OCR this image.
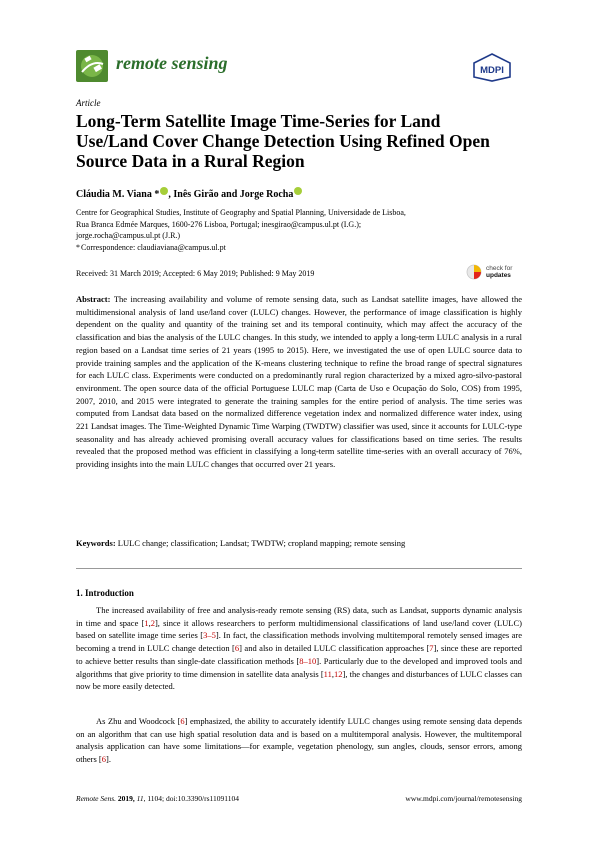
remote sensing	MDPI
Article
Long-Term Satellite Image Time-Series for Land Use/Land Cover Change Detection Using Refined Open Source Data in a Rural Region
Cláudia M. Viana * , Inês Girão and Jorge Rocha
Centre for Geographical Studies, Institute of Geography and Spatial Planning, Universidade de Lisboa,
Rua Branca Edmée Marques, 1600-276 Lisboa, Portugal; inesgirao@campus.ul.pt (I.G.);
jorge.rocha@campus.ul.pt (J.R.)
*Correspondence: claudiaviana@campus.ul.pt
Received: 31 March 2019; Accepted: 6 May 2019; Published: 9 May 2019
check for
updates

Abstract: The increasing availability and volume of remote sensing data, such as Landsat satellite images, have allowed the multidimensional analysis of land use/land cover (LULC) changes. However, the performance of image classification is highly dependent on the quality and quantity of the training set and its temporal continuity, which may affect the accuracy of the classification and bias the analysis of the LULC changes. In this study, we intended to apply a long-term LULC analysis in a rural region based on a Landsat time series of 21 years (1995 to 2015). Here, we investigated the use of open LULC source data to provide training samples and the application of the K-means clustering technique to refine the broad range of spectral signatures for each LULC class. Experiments were conducted on a predominantly rural region characterized by a mixed agro-silvo-pastoral environment. The open source data of the official Portuguese LULC map (Carta de Uso e Ocupação do Solo, COS) from 1995, 2007, 2010, and 2015 were integrated to generate the training samples for the entire period of analysis. The time series was computed from Landsat data based on the normalized difference vegetation index and normalized difference water index, using 221 Landsat images. The Time-Weighted Dynamic Time Warping (TWDTW) classifier was used, since it accounts for LULC-type seasonality and has already achieved promising overall accuracy values for classifications based on time series. The results revealed that the proposed method was efficient in classifying a long-term satellite time-series with an overall accuracy of 76%, providing insights into the main LULC changes that occurred over 21 years.

Keywords: LULC change; classification; Landsat; TWDTW; cropland mapping; remote sensing

1. Introduction

The increased availability of free and analysis-ready remote sensing (RS) data, such as Landsat, supports dynamic analysis in time and space [1,2], since it allows researchers to perform multidimensional classifications of land use/land cover (LULC) based on satellite image time series [3–5]. In fact, the classification methods involving multitemporal remotely sensed images are becoming a trend in LULC change detection [6] and also in detailed LULC classification approaches [7], since these are reported to achieve better results than single-date classification methods [8–10]. Particularly due to the developed and improved tools and algorithms that give priority to time dimension in satellite data analysis [11,12], the changes and disturbances of LULC classes can now be more easily detected.

As Zhu and Woodcock [6] emphasized, the ability to accurately identify LULC changes using remote sensing data depends on an algorithm that can use high spatial resolution data and is based on a multitemporal analysis. However, the multitemporal analysis application can have some limitations—for example, vegetation phenology, sun angles, clouds, sensor errors, among others [6].

Remote Sens. 2019, 11, 1104; doi:10.3390/rs11091104	www.mdpi.com/journal/remotesensing
